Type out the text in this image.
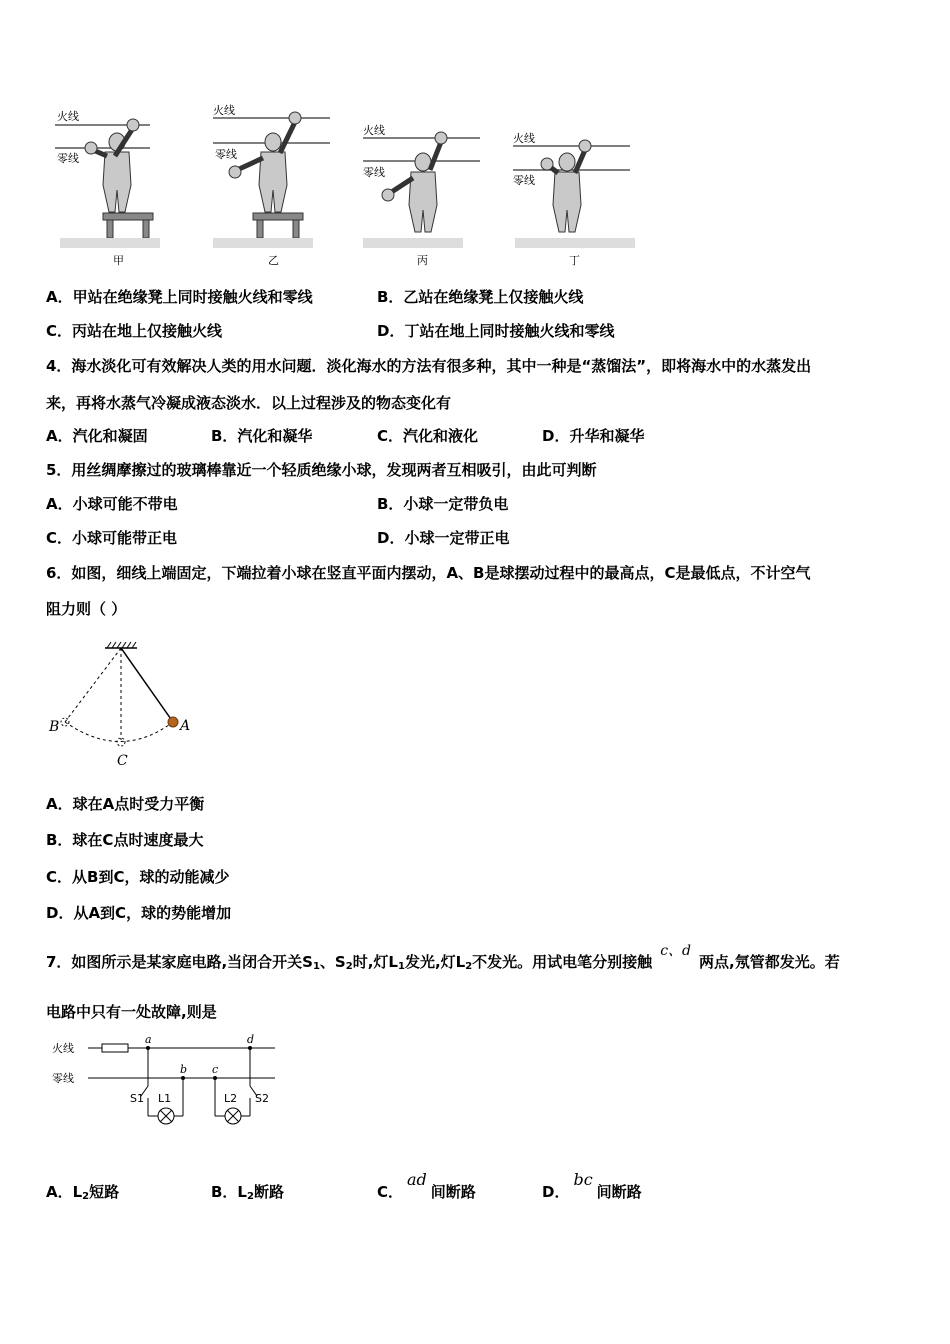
火线
零线
甲
火线
零线
乙
火线
零线
丙
火线
零线
丁
A．甲站在绝缘凳上同时接触火线和零线	B．乙站在绝缘凳上仅接触火线
C．丙站在地上仅接触火线	D．丁站在地上同时接触火线和零线
4．海水淡化可有效解决人类的用水问题．淡化海水的方法有很多种，其中一种是“蒸馏法”，即将海水中的水蒸发出
来，再将水蒸气冷凝成液态淡水．以上过程涉及的物态变化有
A．汽化和凝固	B．汽化和凝华	C．汽化和液化	D．升华和凝华
5．用丝绸摩擦过的玻璃棒靠近一个轻质绝缘小球，发现两者互相吸引，由此可判断
A．小球可能不带电	B．小球一定带负电
C．小球可能带正电	D．小球一定带正电
6．如图，细线上端固定，下端拉着小球在竖直平面内摆动，A、B是球摆动过程中的最高点，C是最低点，不计空气
阻力则（ ）
A
B
C
A．球在A点时受力平衡
B．球在C点时速度最大
C．从B到C，球的动能减少
D．从A到C，球的势能增加
7．如图所示是某家庭电路,当闭合开关$S_1$、$S_2$时,灯$L_1$发光,灯$L_2$不发光。用试电笔分别接触c、d两点,氖管都发光。若
电路中只有一处故障,则是
火线
零线
a	d
b c
S1 L1	L2 S2
A．$L_2$短路	B．$L_2$断路	C．ad间断路	D．bc间断路
